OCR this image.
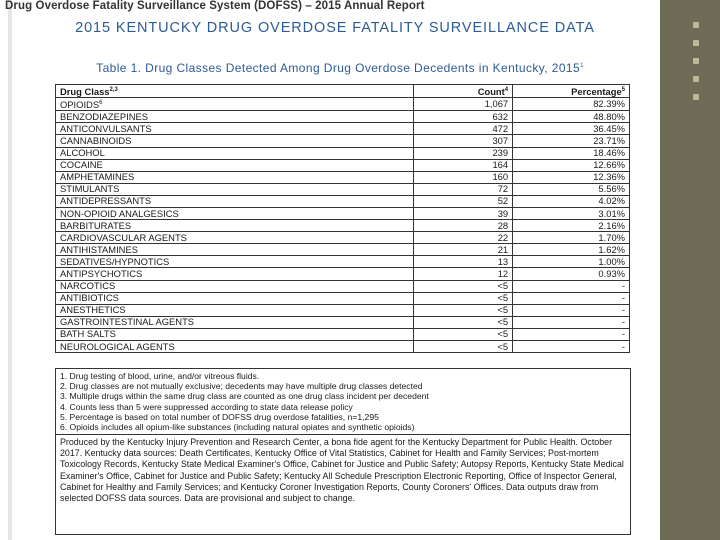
Drug Overdose Fatality Surveillance System (DOFSS) – 2015 Annual Report
2015 KENTUCKY DRUG OVERDOSE FATALITY SURVEILLANCE DATA
Table 1. Drug Classes Detected Among Drug Overdose Decedents in Kentucky, 2015$^1$
Drug Class$^{2,3}$	Count$^4$	Percentage$^5$
OPIOIDS$^6$	1,067	82.39%
BENZODIAZEPINES	632	48.80%
ANTICONVULSANTS	472	36.45%
CANNABINOIDS	307	23.71%
ALCOHOL	239	18.46%
COCAINE	164	12.66%
AMPHETAMINES	160	12.36%
STIMULANTS	72	5.56%
ANTIDEPRESSANTS	52	4.02%
NON-OPIOID ANALGESICS	39	3.01%
BARBITURATES	28	2.16%
CARDIOVASCULAR AGENTS	22	1.70%
ANTIHISTAMINES	21	1.62%
SEDATIVES/HYPNOTICS	13	1.00%
ANTIPSYCHOTICS	12	0.93%
NARCOTICS	<5	-
ANTIBIOTICS	<5	-
ANESTHETICS	<5	-
GASTROINTESTINAL AGENTS	<5	-
BATH SALTS	<5	-
NEUROLOGICAL AGENTS	<5	-
1. Drug testing of blood, urine, and/or vitreous fluids.
2. Drug classes are not mutually exclusive; decedents may have multiple drug classes detected
3. Multiple drugs within the same drug class are counted as one drug class incident per decedent
4. Counts less than 5 were suppressed according to state data release policy
5. Percentage is based on total number of DOFSS drug overdose fatalities, n=1,295
6. Opioids includes all opium-like substances (including natural opiates and synthetic opioids)
Produced by the Kentucky Injury Prevention and Research Center, a bona fide agent for the Kentucky Department for Public Health. October 2017. Kentucky data sources: Death Certificates, Kentucky Office of Vital Statistics, Cabinet for Health and Family Services; Post-mortem Toxicology Records, Kentucky State Medical Examiner's Office, Cabinet for Justice and Public Safety; Autopsy Reports, Kentucky State Medical Examiner's Office, Cabinet for Justice and Public Safety; Kentucky All Schedule Prescription Electronic Reporting, Office of Inspector General, Cabinet for Healthy and Family Services; and Kentucky Coroner Investigation Reports, County Coroners' Offices. Data outputs draw from selected DOFSS data sources. Data are provisional and subject to change.
